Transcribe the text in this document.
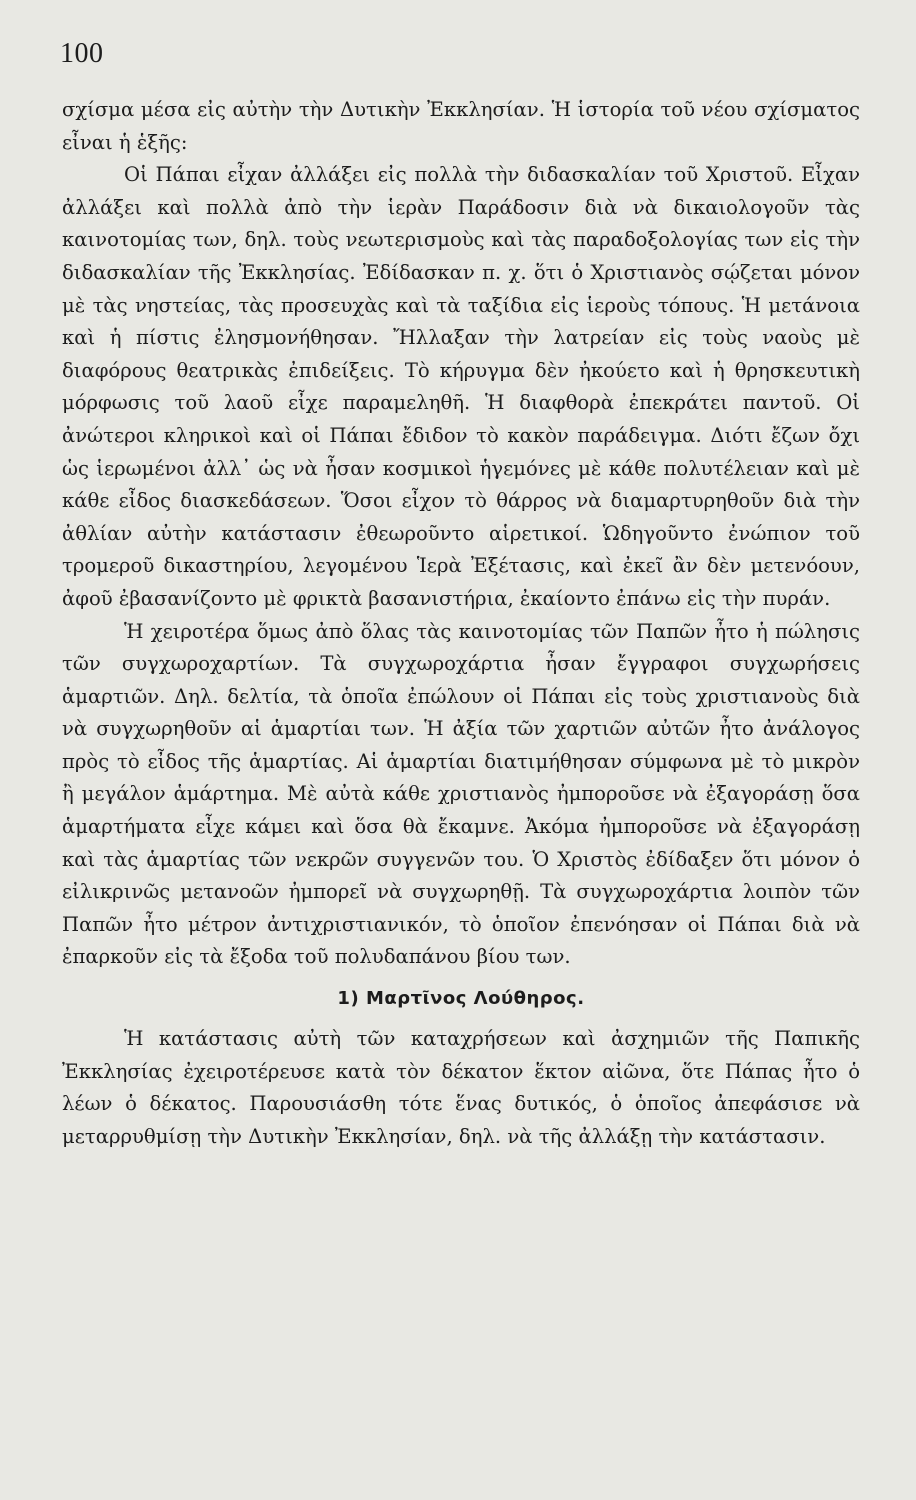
100

σχίσμα μέσα εἰς αὐτὴν τὴν Δυτικὴν Ἐκκλησίαν. Ἡ ἱστορία τοῦ νέου σχίσματος εἶναι ἡ ἑξῆς:

Οἱ Πάπαι εἶχαν ἀλλάξει εἰς πολλὰ τὴν διδασκαλίαν τοῦ Χριστοῦ. Εἶχαν ἀλλάξει καὶ πολλὰ ἀπὸ τὴν ἱερὰν Παράδοσιν διὰ νὰ δικαιολογοῦν τὰς καινοτομίας των, δηλ. τοὺς νεωτερισμοὺς καὶ τὰς παραδοξολογίας των εἰς τὴν διδασκαλίαν τῆς Ἐκκλησίας. Ἐδίδασκαν π. χ. ὅτι ὁ Χριστιανὸς σῴζεται μόνον μὲ τὰς νηστείας, τὰς προσευχὰς καὶ τὰ ταξίδια εἰς ἱεροὺς τόπους. Ἡ μετάνοια καὶ ἡ πίστις ἐλησμονήθησαν. Ἤλλαξαν τὴν λατρείαν εἰς τοὺς ναοὺς μὲ διαφόρους θεατρικὰς ἐπιδείξεις. Τὸ κήρυγμα δὲν ἠκούετο καὶ ἡ θρησκευτικὴ μόρφωσις τοῦ λαοῦ εἶχε παραμεληθῆ. Ἡ διαφθορὰ ἐπεκράτει παντοῦ. Οἱ ἀνώτεροι κληρικοὶ καὶ οἱ Πάπαι ἔδιδον τὸ κακὸν παράδειγμα. Διότι ἔζων ὄχι ὡς ἱερωμένοι ἀλλ᾽ ὡς νὰ ἦσαν κοσμικοὶ ἡγεμόνες μὲ κάθε πολυτέλειαν καὶ μὲ κάθε εἶδος διασκεδάσεων. Ὅσοι εἶχον τὸ θάρρος νὰ διαμαρτυρηθοῦν διὰ τὴν ἀθλίαν αὐτὴν κατάστασιν ἐθεωροῦντο αἱρετικοί. Ὡδηγοῦντο ἐνώπιον τοῦ τρομεροῦ δικαστηρίου, λεγομένου Ἱερὰ Ἐξέτασις, καὶ ἐκεῖ ἂν δὲν μετενόουν, ἀφοῦ ἐβασανίζοντο μὲ φρικτὰ βασανιστήρια, ἐκαίοντο ἐπάνω εἰς τὴν πυράν.

Ἡ χειροτέρα ὅμως ἀπὸ ὅλας τὰς καινοτομίας τῶν Παπῶν ἦτο ἡ πώλησις τῶν συγχωροχαρτίων. Τὰ συγχωροχάρτια ἦσαν ἔγγραφοι συγχωρήσεις ἁμαρτιῶν. Δηλ. δελτία, τὰ ὁποῖα ἐπώλουν οἱ Πάπαι εἰς τοὺς χριστιανοὺς διὰ νὰ συγχωρηθοῦν αἱ ἁμαρτίαι των. Ἡ ἀξία τῶν χαρτιῶν αὐτῶν ἦτο ἀνάλογος πρὸς τὸ εἶδος τῆς ἁμαρτίας. Αἱ ἁμαρτίαι διατιμήθησαν σύμφωνα μὲ τὸ μικρὸν ἢ μεγάλον ἁμάρτημα. Μὲ αὐτὰ κάθε χριστιανὸς ἠμποροῦσε νὰ ἐξαγοράσῃ ὅσα ἁμαρτήματα εἶχε κάμει καὶ ὅσα θὰ ἔκαμνε. Ἀκόμα ἠμποροῦσε νὰ ἐξαγοράσῃ καὶ τὰς ἁμαρτίας τῶν νεκρῶν συγγενῶν του. Ὁ Χριστὸς ἐδίδαξεν ὅτι μόνον ὁ εἰλικρινῶς μετανοῶν ἠμπορεῖ νὰ συγχωρηθῇ. Τὰ συγχωροχάρτια λοιπὸν τῶν Παπῶν ἦτο μέτρον ἀντιχριστιανικόν, τὸ ὁποῖον ἐπενόησαν οἱ Πάπαι διὰ νὰ ἐπαρκοῦν εἰς τὰ ἔξοδα τοῦ πολυδαπάνου βίου των.

1) Μαρτῖνος Λούθηρος.

Ἡ κατάστασις αὐτὴ τῶν καταχρήσεων καὶ ἀσχημιῶν τῆς Παπικῆς Ἐκκλησίας ἐχειροτέρευσε κατὰ τὸν δέκατον ἕκτον αἰῶνα, ὅτε Πάπας ἦτο ὁ λέων ὁ δέκατος. Παρουσιάσθη τότε ἕνας δυτικός, ὁ ὁποῖος ἀπεφάσισε νὰ μεταρρυθμίσῃ τὴν Δυτικὴν Ἐκκλησίαν, δηλ. νὰ τῆς ἀλλάξῃ τὴν κατάστασιν.
